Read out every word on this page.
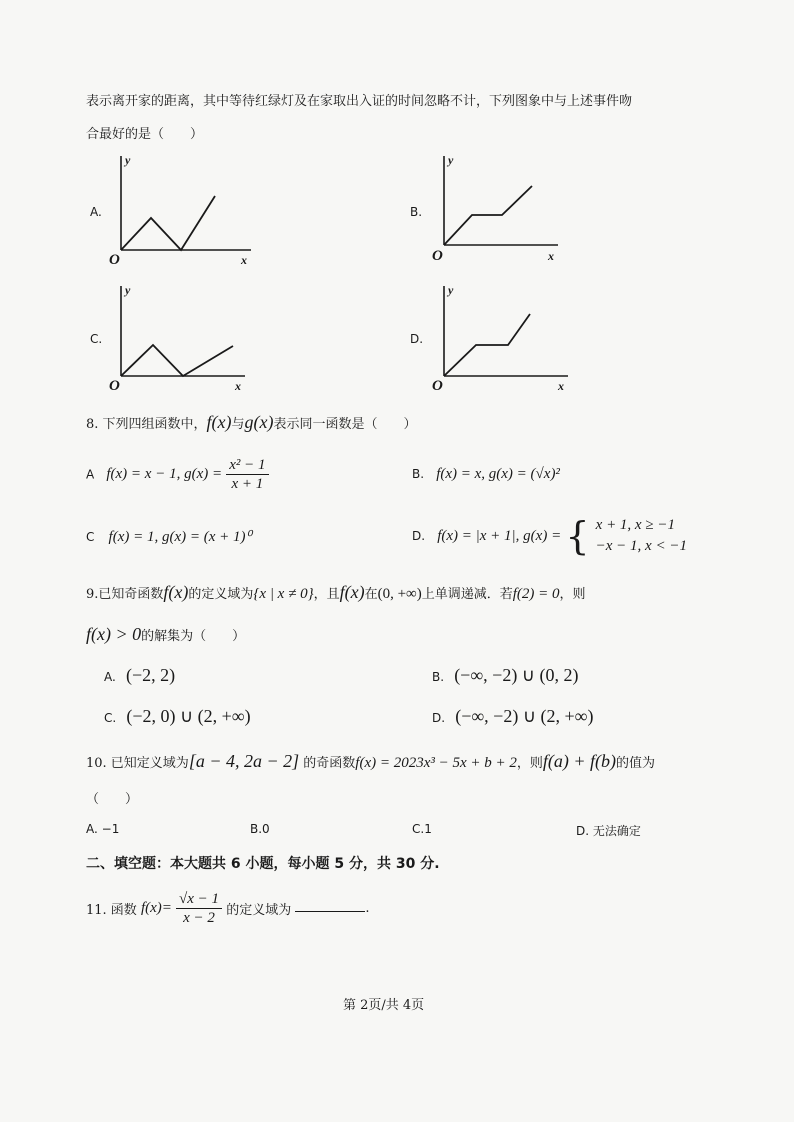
表示离开家的距离，其中等待红绿灯及在家取出入证的时间忽略不计，下列图象中与上述事件吻
合最好的是（　　）
A.
O	x
y
B.
O	x
y
C.
O	x
y
D.
O	x
y
8. 下列四组函数中，f(x)与g(x)表示同一函数是（　　）
A f(x) = x − 1, $g(x) = \frac{\text{x² − 1}}{x + 1}$	B. f(x) = x, g(x) = (√x)²
C f(x) = 1, g(x) = (x + 1)⁰	D. f(x) = |x + 1|, g(x) = { x + 1, x ≥ −1
−x − 1, x < −1
9.已知奇函数f(x)的定义域为{x | x ≠ 0}，且f(x)在(0, +∞)上单调递减．若f(2) = 0，则
f(x) > 0的解集为（　　）
A. (−2, 2)	B. (−∞, −2) ∪ (0, 2)
C. (−2, 0) ∪ (2, +∞)	D. (−∞, −2) ∪ (2, +∞)
10. 已知定义域为[a − 4, 2a − 2] 的奇函数f(x) = 2023x³ − 5x + b + 2，则f(a) + f(b)的值为
（　　）
A. −1	B.0	C.1	D. 无法确定
二、填空题：本大题共 6 小题，每小题 5 分，共 30 分.
11. 函数 $f(x)= \frac{√x - 1}{x - 2}$ 的定义域为	.
第 2页/共 4页
